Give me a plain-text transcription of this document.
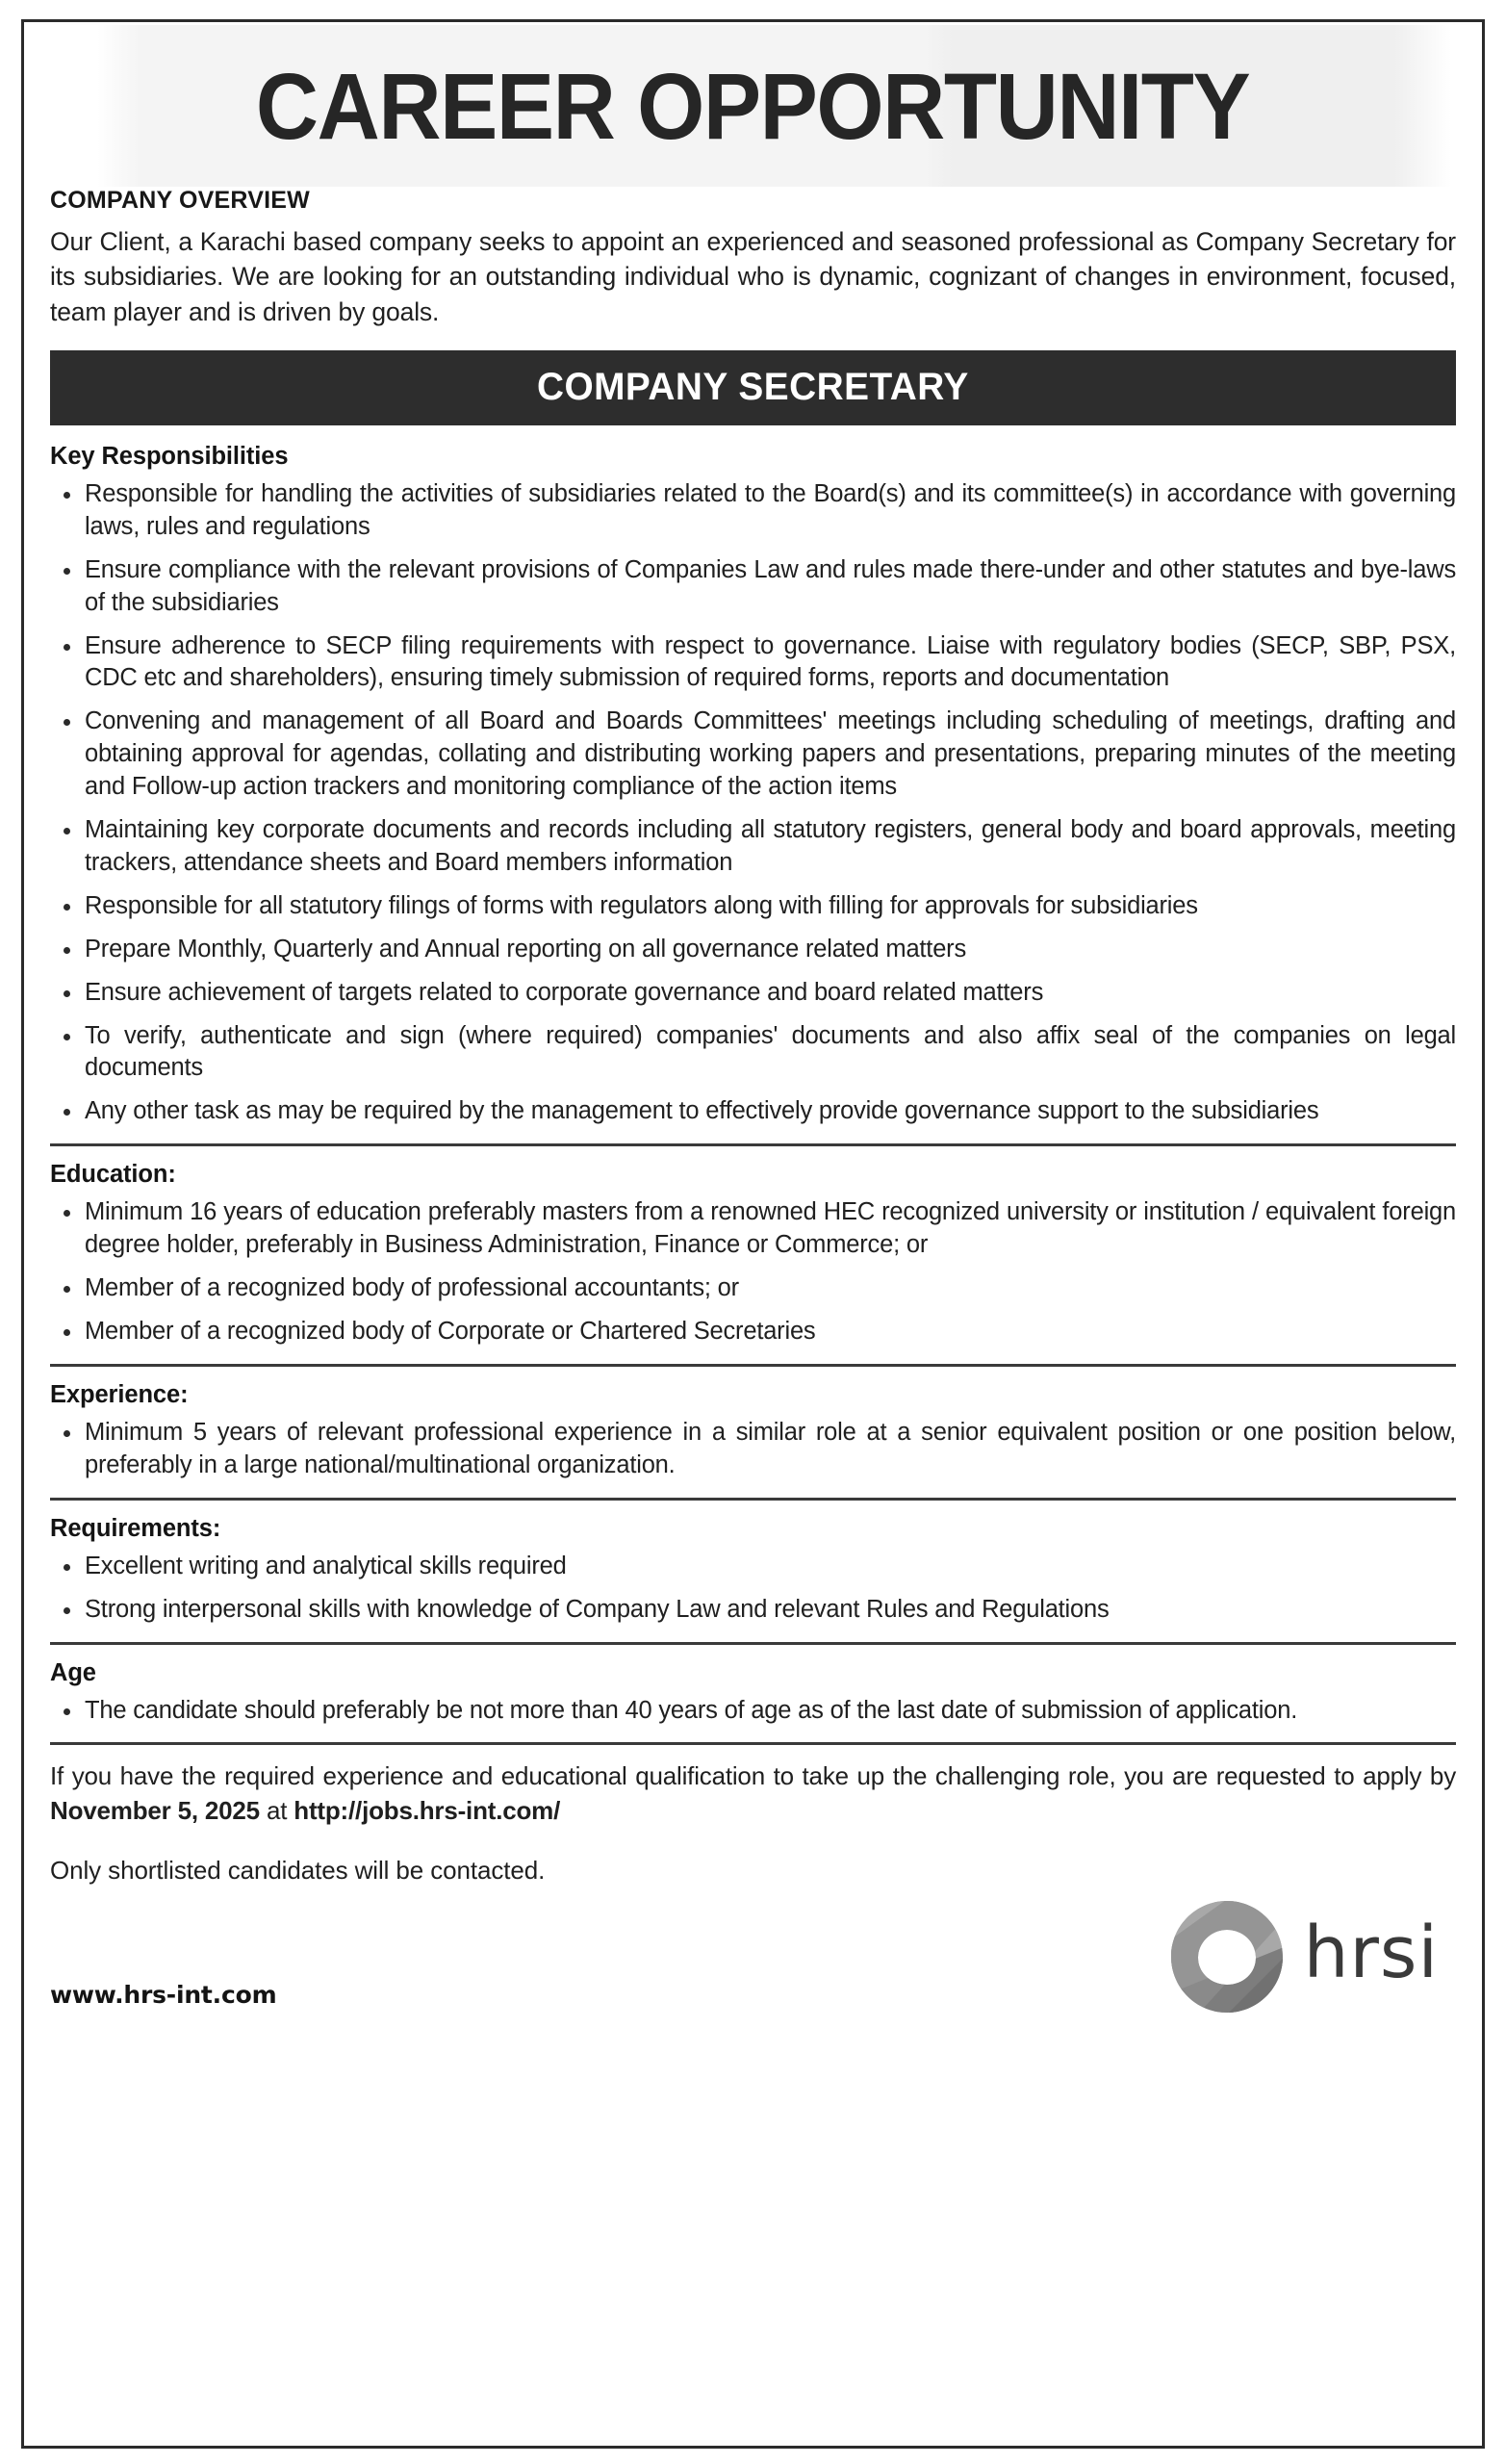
CAREER OPPORTUNITY
COMPANY OVERVIEW

Our Client, a Karachi based company seeks to appoint an experienced and seasoned professional as Company Secretary for its subsidiaries. We are looking for an outstanding individual who is dynamic, cognizant of changes in environment, focused, team player and is driven by goals.

COMPANY SECRETARY
Key Responsibilities
Responsible for handling the activities of subsidiaries related to the Board(s) and its committee(s) in accordance with governing laws, rules and regulations
Ensure compliance with the relevant provisions of Companies Law and rules made there-under and other statutes and bye-laws of the subsidiaries
Ensure adherence to SECP filing requirements with respect to governance. Liaise with regulatory bodies (SECP, SBP, PSX, CDC etc and shareholders), ensuring timely submission of required forms, reports and documentation
Convening and management of all Board and Boards Committees' meetings including scheduling of meetings, drafting and obtaining approval for agendas, collating and distributing working papers and presentations, preparing minutes of the meeting and Follow-up action trackers and monitoring compliance of the action items
Maintaining key corporate documents and records including all statutory registers, general body and board approvals, meeting trackers, attendance sheets and Board members information
Responsible for all statutory filings of forms with regulators along with filling for approvals for subsidiaries
Prepare Monthly, Quarterly and Annual reporting on all governance related matters
Ensure achievement of targets related to corporate governance and board related matters
To verify, authenticate and sign (where required) companies' documents and also affix seal of the companies on legal documents
Any other task as may be required by the management to effectively provide governance support to the subsidiaries
Education:
Minimum 16 years of education preferably masters from a renowned HEC recognized university or institution / equivalent foreign degree holder, preferably in Business Administration, Finance or Commerce; or
Member of a recognized body of professional accountants; or
Member of a recognized body of Corporate or Chartered Secretaries
Experience:
Minimum 5 years of relevant professional experience in a similar role at a senior equivalent position or one position below, preferably in a large national/multinational organization.
Requirements:
Excellent writing and analytical skills required
Strong interpersonal skills with knowledge of Company Law and relevant Rules and Regulations
Age
The candidate should preferably be not more than 40 years of age as of the last date of submission of application.

If you have the required experience and educational qualification to take up the challenging role, you are requested to apply by November 5, 2025 at http://jobs.hrs-int.com/

Only shortlisted candidates will be contacted.

www.hrs-int.com
hrsi
